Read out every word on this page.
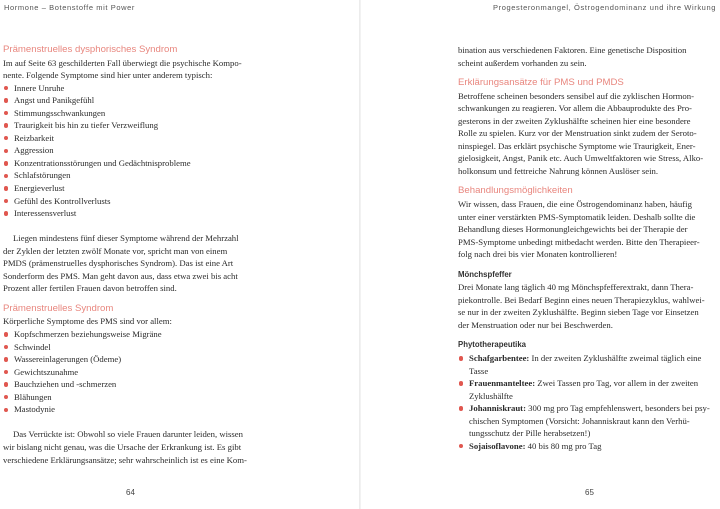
Hormone – Botenstoffe mit Power	Progesteronmangel, Östrogendominanz und ihre Wirkung
Prämenstruelles dysphorisches Syndrom
Im auf Seite 63 geschilderten Fall überwiegt die psychische Kompo-
nente. Folgende Symptome sind hier unter anderem typisch:
Innere Unruhe
Angst und Panikgefühl
Stimmungsschwankungen
Traurigkeit bis hin zu tiefer Verzweiflung
Reizbarkeit
Aggression
Konzentrationsstörungen und Gedächtnisprobleme
Schlafstörungen
Energieverlust
Gefühl des Kontrollverlusts
Interessensverlust
Liegen mindestens fünf dieser Symptome während der Mehrzahl
der Zyklen der letzten zwölf Monate vor, spricht man von einem
PMDS (prämenstruelles dysphorisches Syndrom). Das ist eine Art
Sonderform des PMS. Man geht davon aus, dass etwa zwei bis acht
Prozent aller fertilen Frauen davon betroffen sind.
Prämenstruelles Syndrom
Körperliche Symptome des PMS sind vor allem:
Kopfschmerzen beziehungsweise Migräne
Schwindel
Wassereinlagerungen (Ödeme)
Gewichtszunahme
Bauchziehen und -schmerzen
Blähungen
Mastodynie
Das Verrückte ist: Obwohl so viele Frauen darunter leiden, wissen
wir bislang nicht genau, was die Ursache der Erkrankung ist. Es gibt
verschiedene Erklärungsansätze; sehr wahrscheinlich ist es eine Kom-
bination aus verschiedenen Faktoren. Eine genetische Disposition
scheint außerdem vorhanden zu sein.
Erklärungsansätze für PMS und PMDS
Betroffene scheinen besonders sensibel auf die zyklischen Hormon-
schwankungen zu reagieren. Vor allem die Abbauprodukte des Pro-
gesterons in der zweiten Zyklushälfte scheinen hier eine besondere
Rolle zu spielen. Kurz vor der Menstruation sinkt zudem der Seroto-
ninspiegel. Das erklärt psychische Symptome wie Traurigkeit, Ener-
gielosigkeit, Angst, Panik etc. Auch Umweltfaktoren wie Stress, Alko-
holkonsum und fettreiche Nahrung können Auslöser sein.
Behandlungsmöglichkeiten
Wir wissen, dass Frauen, die eine Östrogendominanz haben, häufig
unter einer verstärkten PMS-Symptomatik leiden. Deshalb sollte die
Behandlung dieses Hormonungleichgewichts bei der Therapie der
PMS-Symptome unbedingt mitbedacht werden. Bitte den Therapieer-
folg nach drei bis vier Monaten kontrollieren!
Mönchspfeffer
Drei Monate lang täglich 40 mg Mönchspfefferextrakt, dann Thera-
piekontrolle. Bei Bedarf Beginn eines neuen Therapiezyklus, wahlwei-
se nur in der zweiten Zyklushälfte. Beginn sieben Tage vor Einsetzen
der Menstruation oder nur bei Beschwerden.
Phytotherapeutika
Schafgarbentee: In der zweiten Zyklushälfte zweimal täglich eine
Tasse
Frauenmanteltee: Zwei Tassen pro Tag, vor allem in der zweiten
Zyklushälfte
Johanniskraut: 300 mg pro Tag empfehlenswert, besonders bei psy-
chischen Symptomen (Vorsicht: Johanniskraut kann den Verhü-
tungsschutz der Pille herabsetzen!)
Sojaisoflavone: 40 bis 80 mg pro Tag
64	65
